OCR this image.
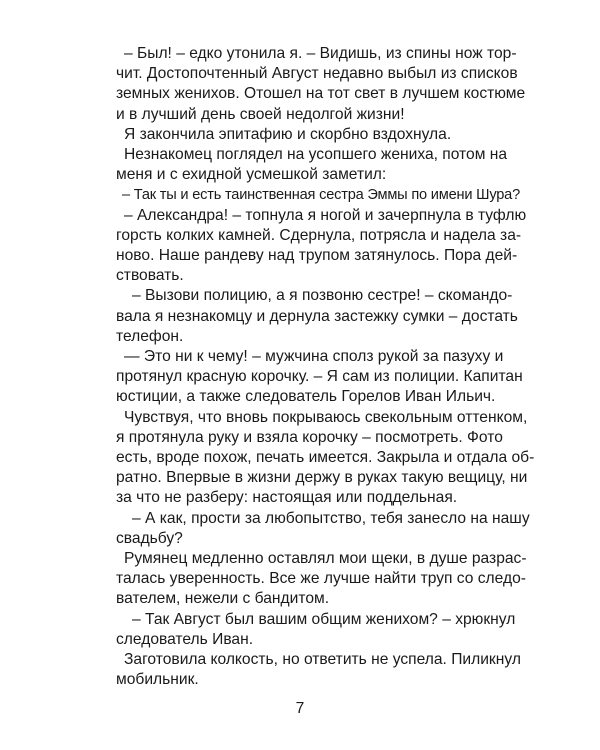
– Был! – едко утонила я. – Видишь, из спины нож тор-
чит. Достопочтенный Август недавно выбыл из списков
земных женихов. Отошел на тот свет в лучшем костюме
и в лучший день своей недолгой жизни!
Я закончила эпитафию и скорбно вздохнула.
Незнакомец поглядел на усопшего жениха, потом на
меня и с ехидной усмешкой заметил:
– Так ты и есть таинственная сестра Эммы по имени Шура?
– Александра! – топнула я ногой и зачерпнула в туфлю
горсть колких камней. Сдернула, потрясла и надела за-
ново. Наше рандеву над трупом затянулось. Пора дей-
ствовать.
– Вызови полицию, а я позвоню сестре! – скомандо-
вала я незнакомцу и дернула застежку сумки – достать
телефон.
— Это ни к чему! – мужчина сполз рукой за пазуху и
протянул красную корочку. – Я сам из полиции. Капитан
юстиции, а также следователь Горелов Иван Ильич.
Чувствуя, что вновь покрываюсь свекольным оттенком,
я протянула руку и взяла корочку – посмотреть. Фото
есть, вроде похож, печать имеется. Закрыла и отдала об-
ратно. Впервые в жизни держу в руках такую вещицу, ни
за что не разберу: настоящая или поддельная.
– А как, прости за любопытство, тебя занесло на нашу
свадьбу?
Румянец медленно оставлял мои щеки, в душе разрас-
талась уверенность. Все же лучше найти труп со следо-
вателем, нежели с бандитом.
– Так Август был вашим общим женихом? – хрюкнул
следователь Иван.
Заготовила колкость, но ответить не успела. Пиликнул
мобильник.
7
